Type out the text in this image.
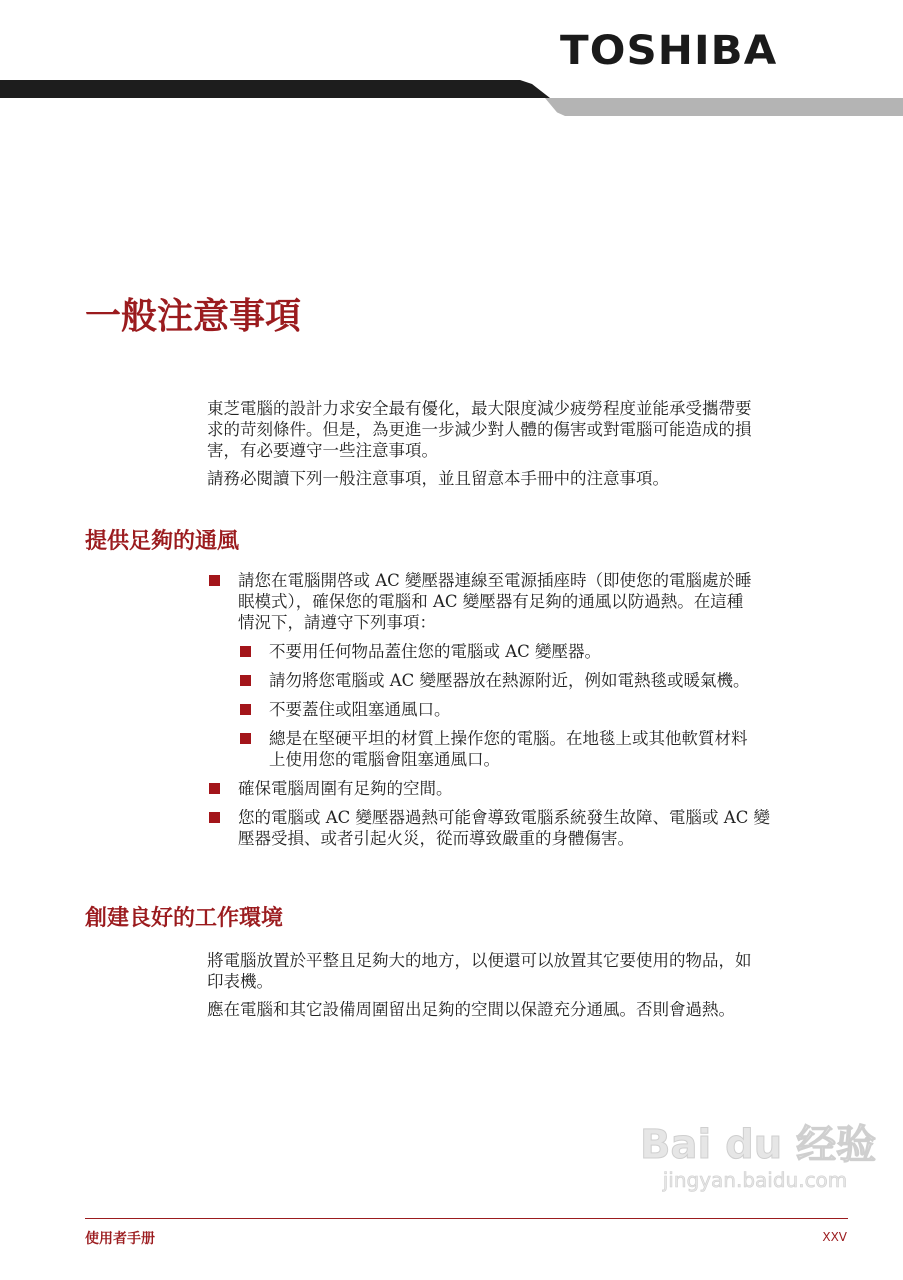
TOSHIBA
一般注意事項
東芝電腦的設計力求安全最有優化，最大限度減少疲勞程度並能承受攜帶要
求的苛刻條件。但是，為更進一步減少對人體的傷害或對電腦可能造成的損
害，有必要遵守一些注意事項。
請務必閱讀下列一般注意事項，並且留意本手冊中的注意事項。
提供足夠的通風
請您在電腦開啓或 AC 變壓器連線至電源插座時（即使您的電腦處於睡
眠模式），確保您的電腦和 AC 變壓器有足夠的通風以防過熱。在這種
情況下，請遵守下列事項：
不要用任何物品蓋住您的電腦或 AC 變壓器。
請勿將您電腦或 AC 變壓器放在熱源附近，例如電熱毯或暖氣機。
不要蓋住或阻塞通風口。
總是在堅硬平坦的材質上操作您的電腦。在地毯上或其他軟質材料
上使用您的電腦會阻塞通風口。
確保電腦周圍有足夠的空間。
您的電腦或 AC 變壓器過熱可能會導致電腦系統發生故障、電腦或 AC 變
壓器受損、或者引起火災，從而導致嚴重的身體傷害。
創建良好的工作環境
將電腦放置於平整且足夠大的地方，以便還可以放置其它要使用的物品，如
印表機。
應在電腦和其它設備周圍留出足夠的空間以保證充分通風。否則會過熱。
Bai du 经验
jingyan.baidu.com
使用者手册	XXV
